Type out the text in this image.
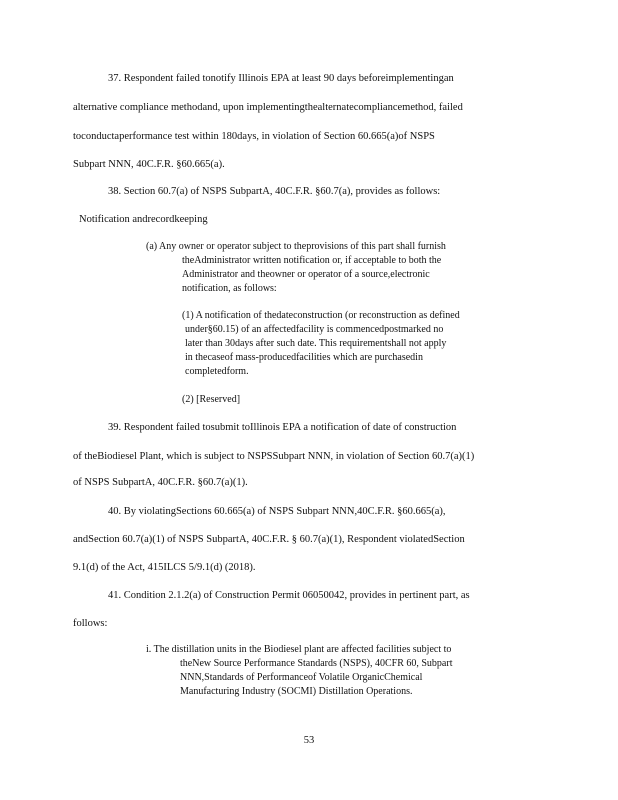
37. Respondent failed tonotify Illinois EPA at least 90 days beforeimplementingan

alternative compliance methodand, upon implementingthealternatecompliancemethod, failed

toconductaperformance test within 180days, in violation of Section 60.665(a)of NSPS

Subpart NNN, 40C.F.R. §60.665(a).

38. Section 60.7(a) of NSPS SubpartA, 40C.F.R. §60.7(a), provides as follows:

Notification andrecordkeeping

(a) Any owner or operator subject to theprovisions of this part shall furnish

theAdministrator written notification or, if acceptable to both the

Administrator and theowner or operator of a source,electronic

notification, as follows:

(1) A notification of thedateconstruction (or reconstruction as defined

under§60.15) of an affectedfacility is commencedpostmarked no

later than 30days after such date. This requirementshall not apply

in thecaseof mass-producedfacilities which are purchasedin

completedform.

(2) [Reserved]

39. Respondent failed tosubmit toIllinois EPA a notification of date of construction

of theBiodiesel Plant, which is subject to NSPSSubpart NNN, in violation of Section 60.7(a)(1)

of NSPS SubpartA, 40C.F.R. §60.7(a)(1).

40. By violatingSections 60.665(a) of NSPS Subpart NNN,40C.F.R. §60.665(a),

andSection 60.7(a)(1) of NSPS SubpartA, 40C.F.R. § 60.7(a)(1), Respondent violatedSection

9.1(d) of the Act, 415ILCS 5/9.1(d) (2018).

41. Condition 2.1.2(a) of Construction Permit 06050042, provides in pertinent part, as

follows:

i. The distillation units in the Biodiesel plant are affected facilities subject to

theNew Source Performance Standards (NSPS), 40CFR 60, Subpart

NNN,Standards of Performanceof Volatile OrganicChemical

Manufacturing Industry (SOCMI) Distillation Operations.

53
